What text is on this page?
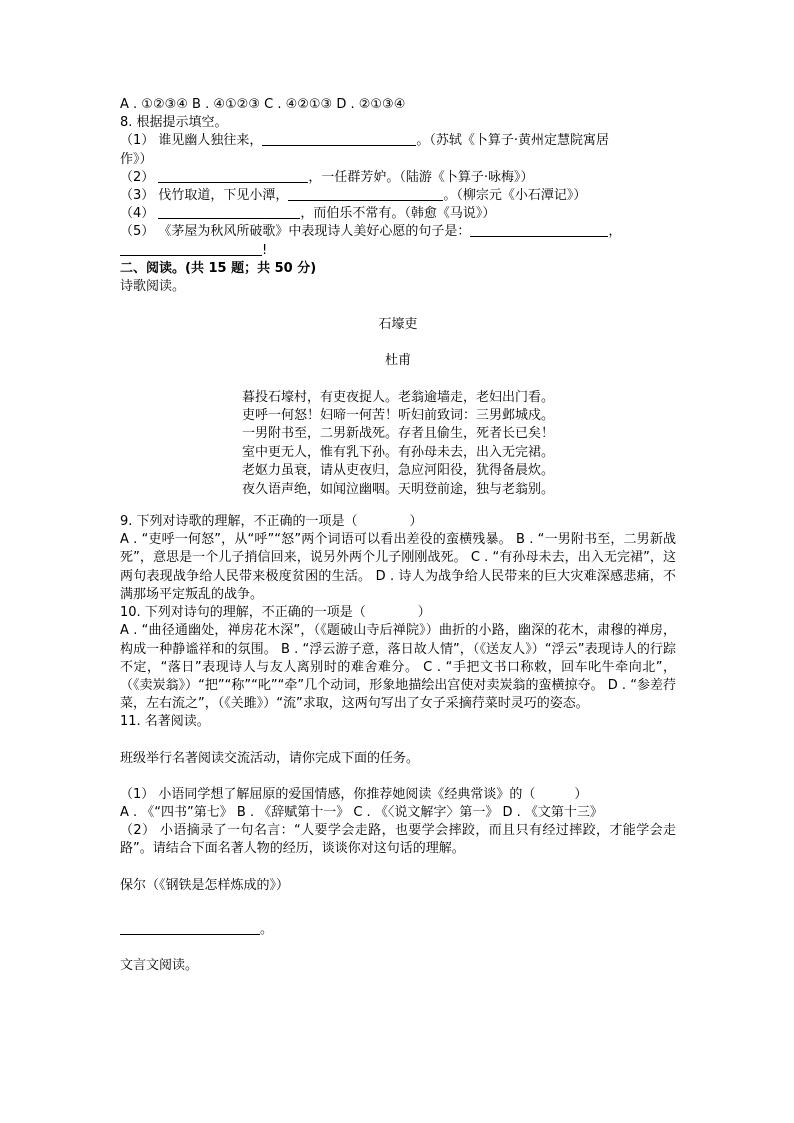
A . ①②③④ B . ④①②③ C . ④②①③ D . ②①③④
8. 根据提示填空。
（1） 谁见幽人独往来，	。（苏轼《卜算子·黄州定慧院寓居
作》）
（2）	，一任群芳妒。（陆游《卜算子·咏梅》）
（3） 伐竹取道，下见小潭，	。（柳宗元《小石潭记》）
（4）	，而伯乐不常有。（韩愈《马说》）
（5） 《茅屋为秋风所破歌》中表现诗人美好心愿的句子是：	，
!
二、阅读。(共 15 题；共 50 分)
诗歌阅读。
石壕吏
杜甫
暮投石壕村，有吏夜捉人。老翁逾墙走，老妇出门看。
吏呼一何怒！妇啼一何苦！听妇前致词：三男邺城戍。
一男附书至，二男新战死。存者且偷生，死者长已矣！
室中更无人，惟有乳下孙。有孙母未去，出入无完裙。
老妪力虽衰，请从吏夜归，急应河阳役，犹得备晨炊。
夜久语声绝，如闻泣幽咽。天明登前途，独与老翁别。
9. 下列对诗歌的理解，不正确的一项是（　　　　）
A . “吏呼一何怒”，从“呼”“怒”两个词语可以看出差役的蛮横残暴。 B . “一男附书至，二男新战死”，意思是一个儿子捎信回来，说另外两个儿子刚刚战死。 C . “有孙母未去，出入无完裙”，这两句表现战争给人民带来极度贫困的生活。 D . 诗人为战争给人民带来的巨大灾难深感悲痛，不满那场平定叛乱的战争。
10. 下列对诗句的理解，不正确的一项是（　　　　）
A . “曲径通幽处，禅房花木深”，（《题破山寺后禅院》）曲折的小路，幽深的花木，肃穆的禅房，构成一种静谧祥和的氛围。 B . “浮云游子意，落日故人情”，（《送友人》）“浮云”表现诗人的行踪不定，“落日”表现诗人与友人离别时的难舍难分。 C . “手把文书口称敕，回车叱牛牵向北”，（《卖炭翁》）“把”“称”“叱”“牵”几个动词，形象地描绘出宫使对卖炭翁的蛮横掠夺。 D . “参差荇菜，左右流之”，（《关雎》）“流”求取，这两句写出了女子采摘荇菜时灵巧的姿态。
11. 名著阅读。
班级举行名著阅读交流活动，请你完成下面的任务。
（1） 小语同学想了解屈原的爱国情感，你推荐她阅读《经典常谈》的（　　　）
A . 《“四书”第七》 B . 《辞赋第十一》 C . 《〈说文解字〉第一》 D . 《文第十三》
（2） 小语摘录了一句名言：“人要学会走路，也要学会摔跤，而且只有经过摔跤，才能学会走路”。请结合下面名著人物的经历，谈谈你对这句话的理解。
保尔（《钢铁是怎样炼成的》）
。
文言文阅读。
